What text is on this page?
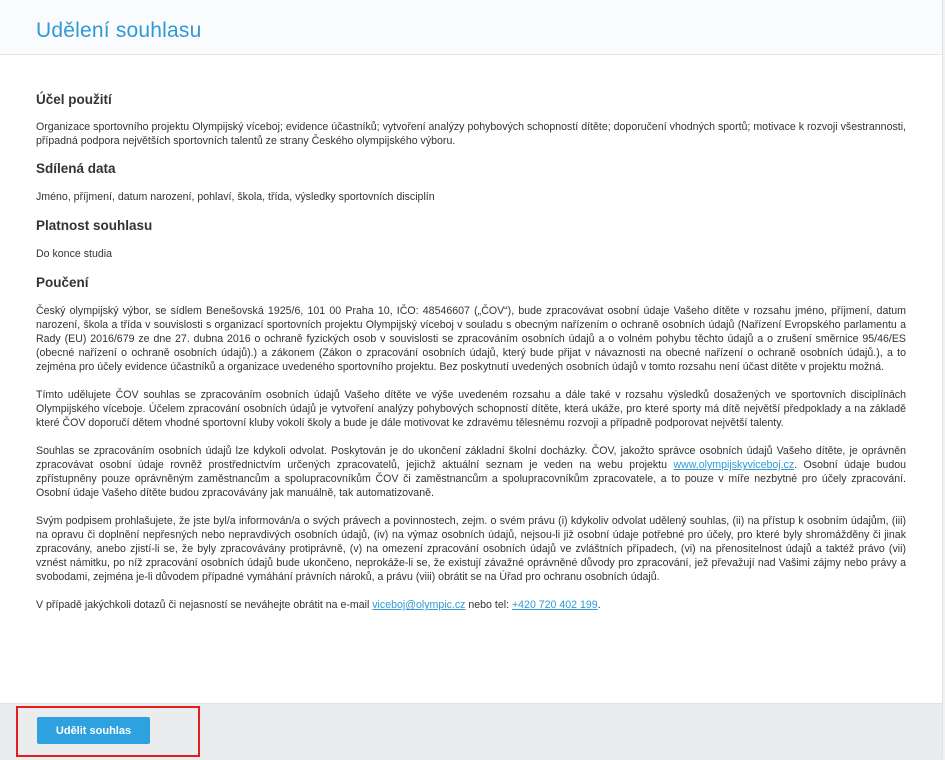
Udělení souhlasu
Účel použití

Organizace sportovního projektu Olympijský víceboj; evidence účastníků; vytvoření analýzy pohybových schopností dítěte; doporučení vhodných sportů; motivace k rozvoji všestrannosti, případná podpora největších sportovních talentů ze strany Českého olympijského výboru.

Sdílená data

Jméno, příjmení, datum narození, pohlaví, škola, třída, výsledky sportovních disciplín

Platnost souhlasu

Do konce studia

Poučení

Český olympijský výbor, se sídlem Benešovská 1925/6, 101 00 Praha 10, IČO: 48546607 („ČOV“), bude zpracovávat osobní údaje Vašeho dítěte v rozsahu jméno, příjmení, datum narození, škola a třída v souvislosti s organizací sportovních projektu Olympijský víceboj v souladu s obecným nařízením o ochraně osobních údajů (Nařízení Evropského parlamentu a Rady (EU) 2016/679 ze dne 27. dubna 2016 o ochraně fyzických osob v souvislosti se zpracováním osobních údajů a o volném pohybu těchto údajů a o zrušení směrnice 95/46/ES (obecné nařízení o ochraně osobních údajů).) a zákonem (Zákon o zpracování osobních údajů, který bude přijat v návaznosti na obecné nařízení o ochraně osobních údajů.), a to zejména pro účely evidence účastníků a organizace uvedeného sportovního projektu. Bez poskytnutí uvedených osobních údajů v tomto rozsahu není účast dítěte v projektu možná.

Tímto udělujete ČOV souhlas se zpracováním osobních údajů Vašeho dítěte ve výše uvedeném rozsahu a dále také v rozsahu výsledků dosažených ve sportovních disciplínách Olympijského víceboje. Účelem zpracování osobních údajů je vytvoření analýzy pohybových schopností dítěte, která ukáže, pro které sporty má dítě největší předpoklady a na základě které ČOV doporučí dětem vhodné sportovní kluby vokolí školy a bude je dále motivovat ke zdravému tělesnému rozvoji a případně podporovat největší talenty.

Souhlas se zpracováním osobních údajů lze kdykoli odvolat. Poskytován je do ukončení základní školní docházky. ČOV, jakožto správce osobních údajů Vašeho dítěte, je oprávněn zpracovávat osobní údaje rovněž prostřednictvím určených zpracovatelů, jejichž aktuální seznam je veden na webu projektu www.olympijskyviceboj.cz. Osobní údaje budou zpřístupněny pouze oprávněným zaměstnancům a spolupracovníkům ČOV či zaměstnancům a spolupracovníkům zpracovatele, a to pouze v míře nezbytné pro účely zpracování. Osobní údaje Vašeho dítěte budou zpracovávány jak manuálně, tak automatizovaně.

Svým podpisem prohlašujete, že jste byl/a informován/a o svých právech a povinnostech, zejm. o svém právu (i) kdykoliv odvolat udělený souhlas, (ii) na přístup k osobním údajům, (iii) na opravu či doplnění nepřesných nebo nepravdivých osobních údajů, (iv) na výmaz osobních údajů, nejsou-li již osobní údaje potřebné pro účely, pro které byly shromážděny či jinak zpracovány, anebo zjistí-li se, že byly zpracovávány protiprávně, (v) na omezení zpracování osobních údajů ve zvláštních případech, (vi) na přenositelnost údajů a taktéž právo (vii) vznést námitku, po níž zpracování osobních údajů bude ukončeno, neprokáže-li se, že existují závažné oprávněné důvody pro zpracování, jež převažují nad Vašimi zájmy nebo právy a svobodami, zejména je-li důvodem případné vymáhání právních nároků, a právu (viii) obrátit se na Úřad pro ochranu osobních údajů.

V případě jakýchkoli dotazů či nejasností se neváhejte obrátit na e-mail viceboj@olympic.cz nebo tel: +420 720 402 199.

Udělit souhlas
